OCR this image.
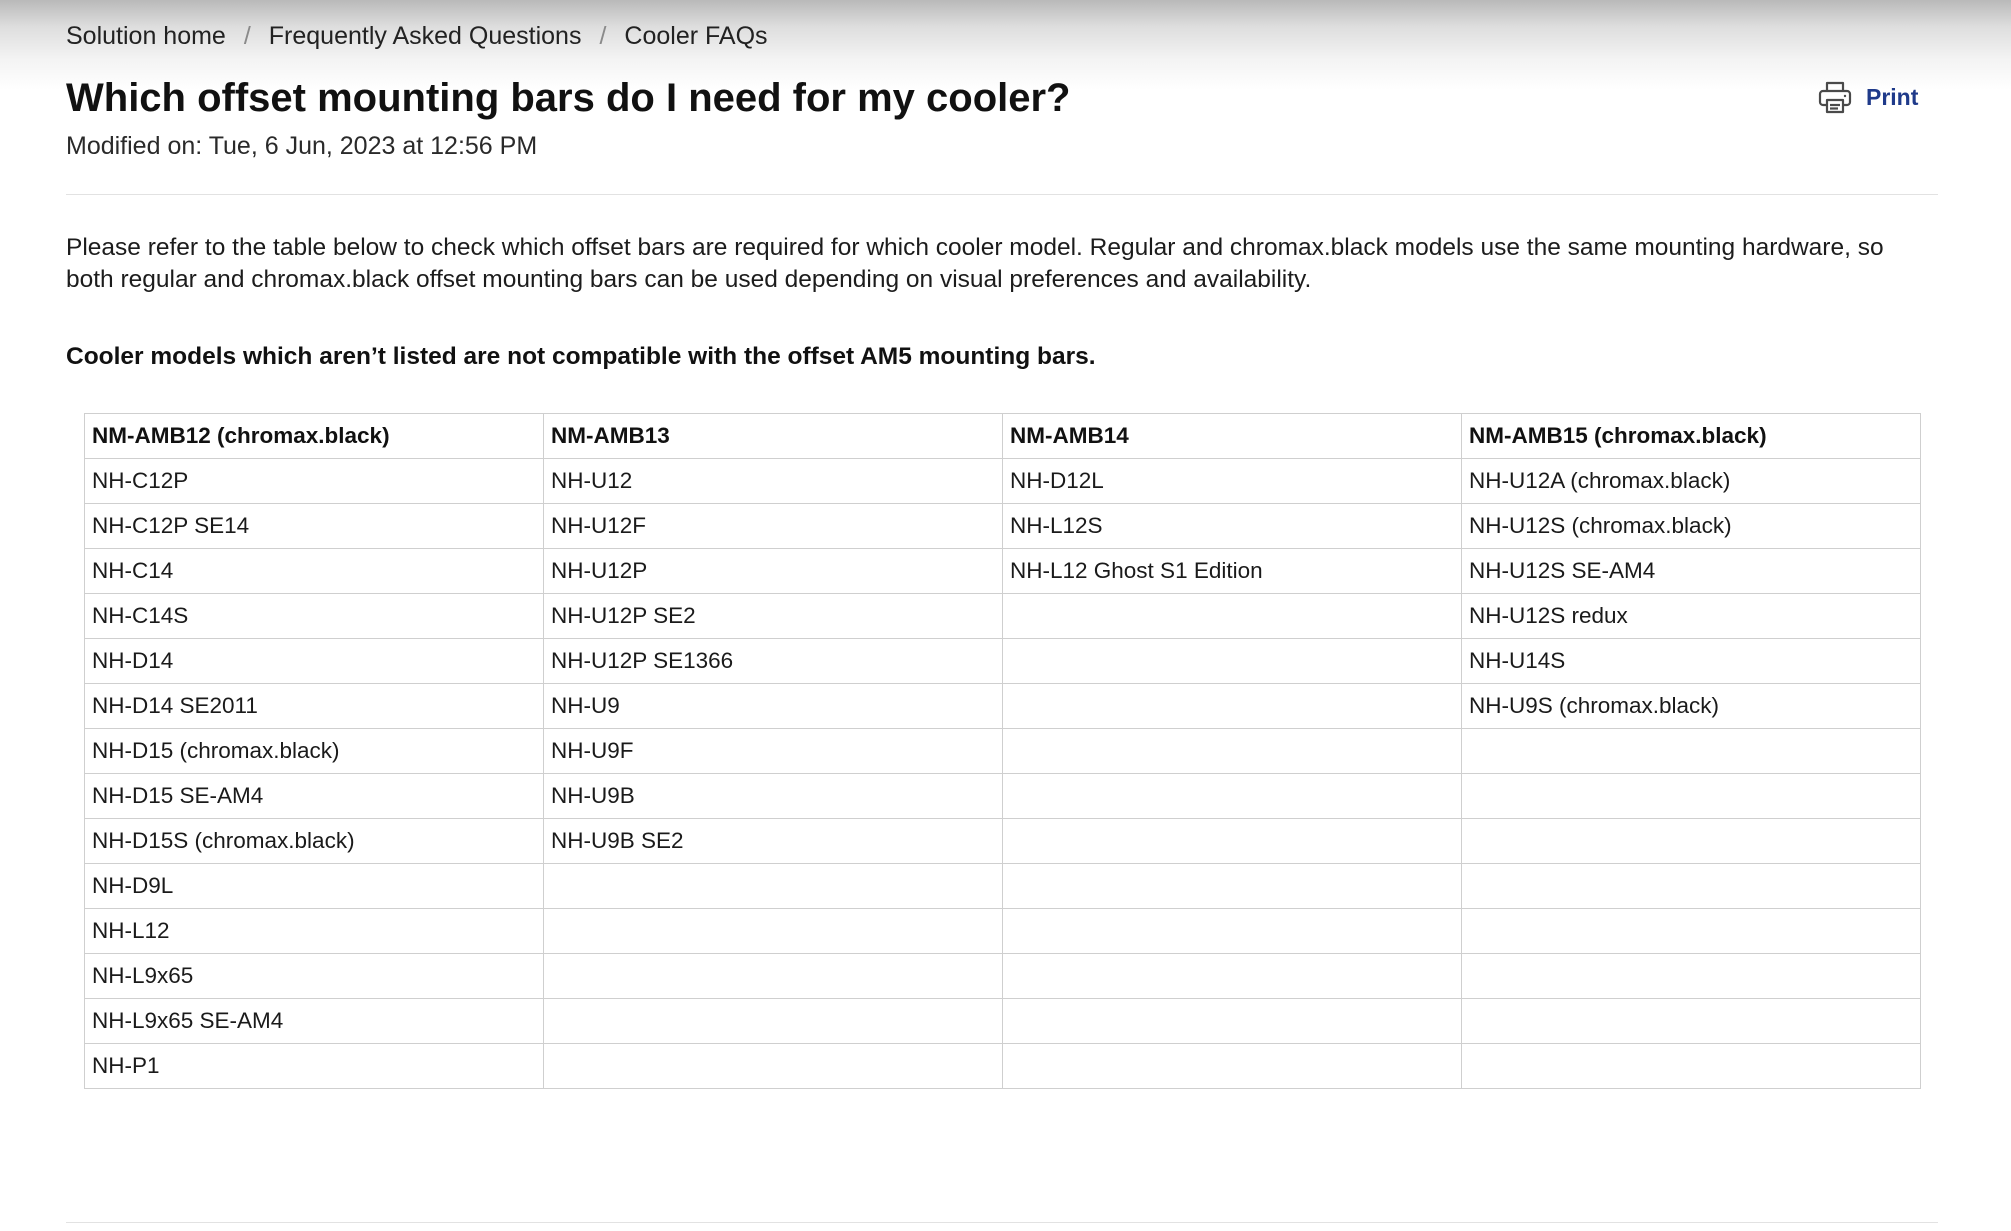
Solution home / Frequently Asked Questions / Cooler FAQs
Which offset mounting bars do I need for my cooler?
Modified on: Tue, 6 Jun, 2023 at 12:56 PM
Print

Please refer to the table below to check which offset bars are required for which cooler model. Regular and chromax.black models use the same mounting hardware, so both regular and chromax.black offset mounting bars can be used depending on visual preferences and availability.

Cooler models which aren’t listed are not compatible with the offset AM5 mounting bars.

NM-AMB12 (chromax.black)	NM-AMB13	NM-AMB14	NM-AMB15 (chromax.black)
NH-C12P	NH-U12	NH-D12L	NH-U12A (chromax.black)
NH-C12P SE14	NH-U12F	NH-L12S	NH-U12S (chromax.black)
NH-C14	NH-U12P	NH-L12 Ghost S1 Edition	NH-U12S SE-AM4
NH-C14S	NH-U12P SE2		NH-U12S redux
NH-D14	NH-U12P SE1366		NH-U14S
NH-D14 SE2011	NH-U9		NH-U9S (chromax.black)
NH-D15 (chromax.black)	NH-U9F		
NH-D15 SE-AM4	NH-U9B		
NH-D15S (chromax.black)	NH-U9B SE2		
NH-D9L			
NH-L12			
NH-L9x65			
NH-L9x65 SE-AM4			
NH-P1			
